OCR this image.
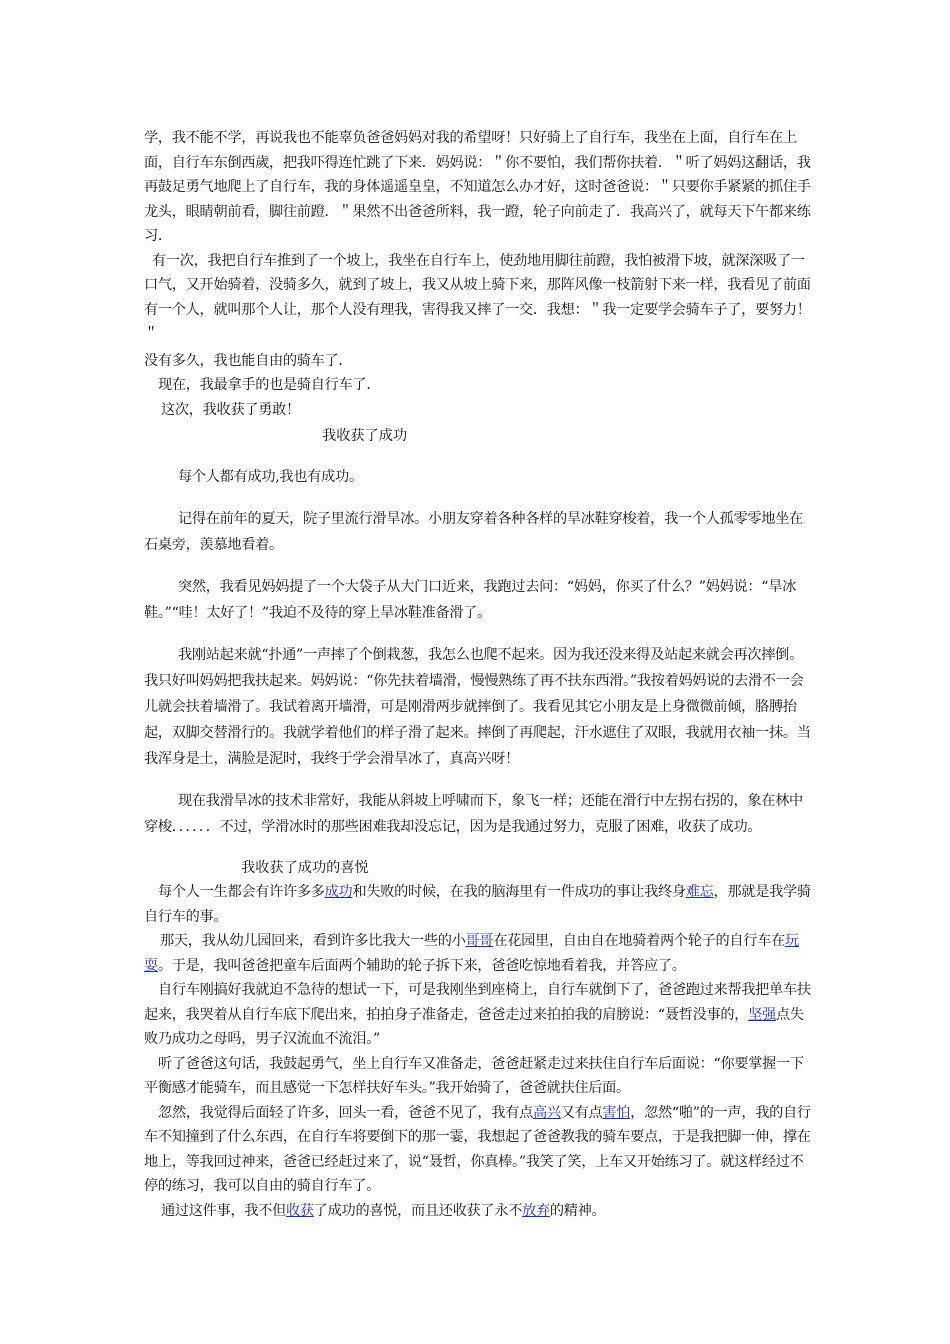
学，我不能不学，再说我也不能辜负爸爸妈妈对我的希望呀！只好骑上了自行车，我坐在上面，自行车在上面，自行车东倒西歲，把我吓得连忙跳了下来．妈妈说：＂你不要怕，我们帮你扶着．＂听了妈妈这翻话，我再鼓足勇气地爬上了自行车，我的身体遥遥皇皇，不知道怎么办才好，这时爸爸说：＂只要你手紧紧的抓住手龙头，眼睛朝前看，脚往前蹬．＂果然不出爸爸所料，我一蹬，轮子向前走了．我高兴了，就每天下午都来练习．

有一次，我把自行车推到了一个坡上，我坐在自行车上，使劲地用脚往前蹬，我怕被滑下坡，就深深吸了一口气，又开始骑着，没骑多久，就到了坡上，我又从坡上骑下来，那阵风像一枝箭射下来一样，我看见了前面有一个人，就叫那个人让，那个人没有理我，害得我又摔了一交．我想：＂我一定要学会骑车子了，要努力！＂

没有多久，我也能自由的骑车了．

现在，我最拿手的也是骑自行车了．

这次，我收获了勇敢！

我收获了成功

每个人都有成功,我也有成功。

记得在前年的夏天，院子里流行滑旱冰。小朋友穿着各种各样的旱冰鞋穿梭着，我一个人孤零零地坐在石桌旁，羡慕地看着。

突然，我看见妈妈提了一个大袋子从大门口近来，我跑过去问：“妈妈，你买了什么？”妈妈说：“旱冰鞋。”“哇！太好了！”我迫不及待的穿上旱冰鞋准备滑了。

我刚站起来就“扑通”一声摔了个倒栽葱，我怎么也爬不起来。因为我还没来得及站起来就会再次摔倒。我只好叫妈妈把我扶起来。妈妈说：“你先扶着墙滑，慢慢熟练了再不扶东西滑。”我按着妈妈说的去滑不一会儿就会扶着墙滑了。我试着离开墙滑，可是刚滑两步就摔倒了。我看见其它小朋友是上身微微前倾，胳膊抬起，双脚交替滑行的。我就学着他们的样子滑了起来。摔倒了再爬起，汗水遮住了双眼，我就用衣袖一抹。当我浑身是土，满脸是泥时，我终于学会滑旱冰了，真高兴呀！

现在我滑旱冰的技术非常好，我能从斜坡上呼啸而下，象飞一样；还能在滑行中左拐右拐的，象在林中穿梭．．．．．．不过，学滑冰时的那些困难我却没忘记，因为是我通过努力，克服了困难，收获了成功。

我收获了成功的喜悦

每个人一生都会有许许多多成功和失败的时候，在我的脑海里有一件成功的事让我终身难忘，那就是我学骑自行车的事。

那天，我从幼儿园回来，看到许多比我大一些的小哥哥在花园里，自由自在地骑着两个轮子的自行车在玩耍。于是，我叫爸爸把童车后面两个辅助的轮子拆下来，爸爸吃惊地看着我，并答应了。

自行车刚搞好我就迫不急待的想试一下，可是我刚坐到座椅上，自行车就倒下了，爸爸跑过来帮我把单车扶起来，我哭着从自行车底下爬出来，拍拍身子准备走，爸爸走过来拍拍我的肩膀说：“聂哲没事的，坚强点失败乃成功之母吗，男子汉流血不流泪。”

听了爸爸这句话，我鼓起勇气，坐上自行车又准备走，爸爸赶紧走过来扶住自行车后面说：“你要掌握一下平衡感才能骑车，而且感觉一下怎样扶好车头。”我开始骑了，爸爸就扶住后面。

忽然，我觉得后面轻了许多，回头一看，爸爸不见了，我有点高兴又有点害怕，忽然“啪”的一声，我的自行车不知撞到了什么东西，在自行车将要倒下的那一霎，我想起了爸爸教我的骑车要点，于是我把脚一伸，撑在地上，等我回过神来，爸爸已经赶过来了，说“聂哲，你真棒。”我笑了笑，上车又开始练习了。就这样经过不停的练习，我可以自由的骑自行车了。

通过这件事，我不但收获了成功的喜悦，而且还收获了永不放弃的精神。
